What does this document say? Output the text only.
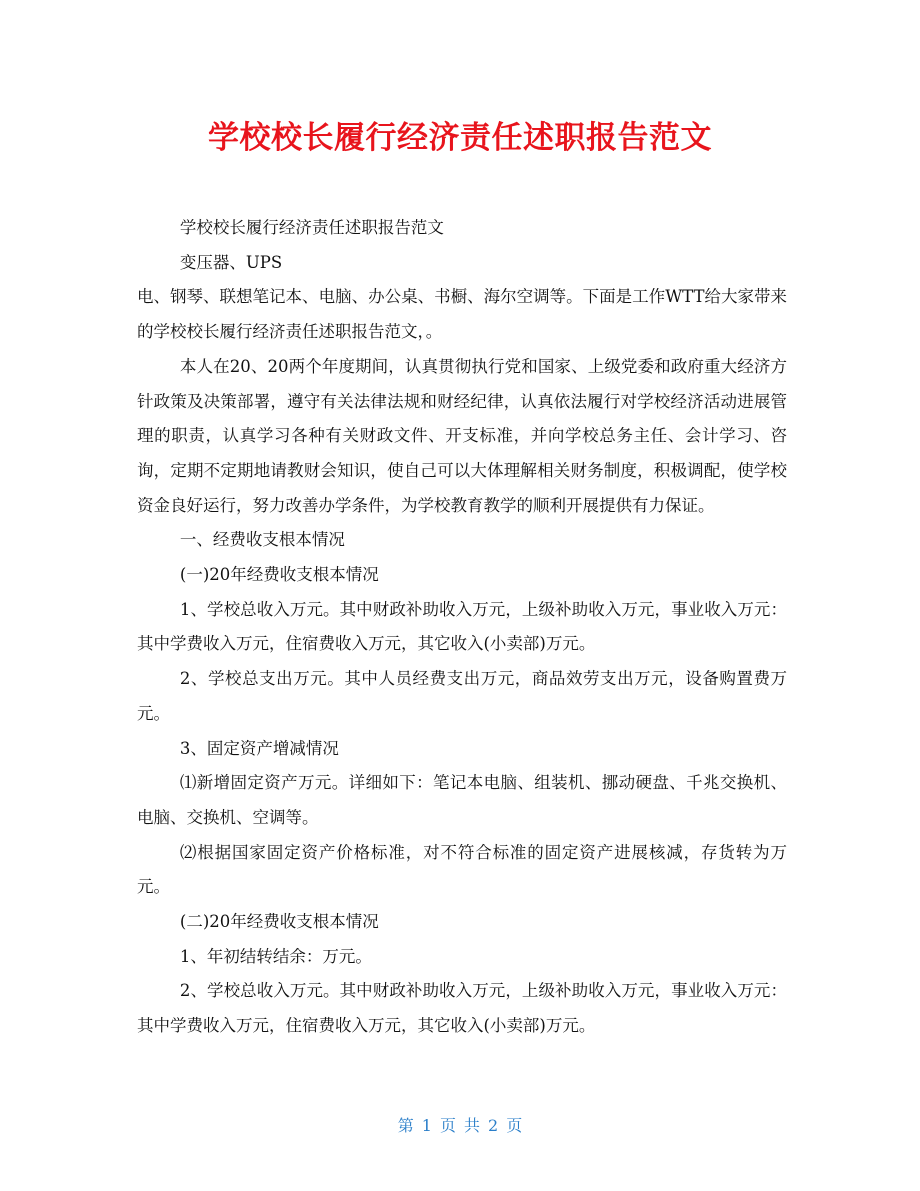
学校校长履行经济责任述职报告范文

学校校长履行经济责任述职报告范文

变压器、UPS

电、钢琴、联想笔记本、电脑、办公桌、书橱、海尔空调等。下面是工作WTT给大家带来的学校校长履行经济责任述职报告范文，。

本人在20、20两个年度期间，认真贯彻执行党和国家、上级党委和政府重大经济方针政策及决策部署，遵守有关法律法规和财经纪律，认真依法履行对学校经济活动进展管理的职责，认真学习各种有关财政文件、开支标准，并向学校总务主任、会计学习、咨询，定期不定期地请教财会知识，使自己可以大体理解相关财务制度，积极调配，使学校资金良好运行，努力改善办学条件，为学校教育教学的顺利开展提供有力保证。

一、经费收支根本情况

(一)20年经费收支根本情况

1、学校总收入万元。其中财政补助收入万元，上级补助收入万元，事业收入万元：其中学费收入万元，住宿费收入万元，其它收入(小卖部)万元。

2、学校总支出万元。其中人员经费支出万元，商品效劳支出万元，设备购置费万元。

3、固定资产增减情况

⑴新增固定资产万元。详细如下：笔记本电脑、组装机、挪动硬盘、千兆交换机、电脑、交换机、空调等。

⑵根据国家固定资产价格标准，对不符合标准的固定资产进展核减，存货转为万元。

(二)20年经费收支根本情况

1、年初结转结余：万元。

2、学校总收入万元。其中财政补助收入万元，上级补助收入万元，事业收入万元：其中学费收入万元，住宿费收入万元，其它收入(小卖部)万元。

第 1 页 共 2 页
